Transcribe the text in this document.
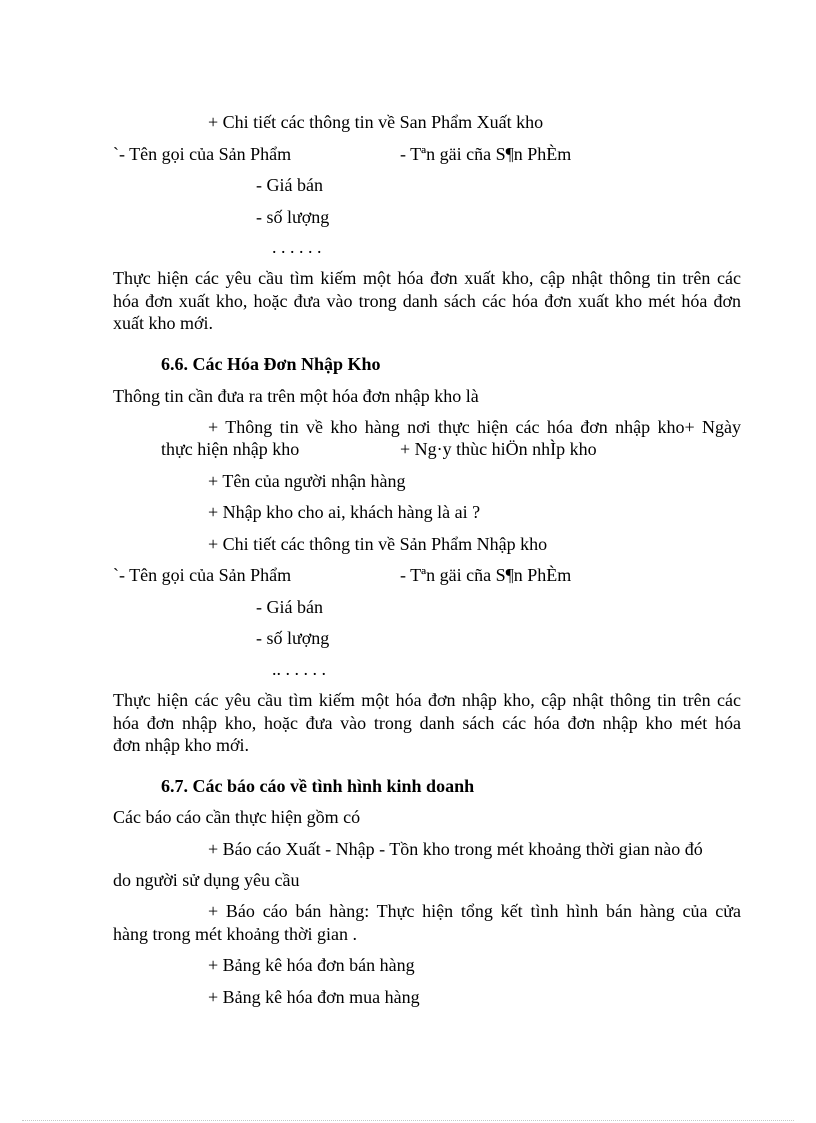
+ Chi tiết các thông tin về San Phẩm Xuất kho
`- Tên gọi của Sản Phẩm	- Tªn gäi cña S¶n PhÈm
- Giá bán
- số lượng
. . . . . .
Thực hiện các yêu cầu tìm kiếm một hóa đơn xuất kho, cập nhật thông tin trên các
hóa đơn xuất kho, hoặc đưa vào trong danh sách các hóa đơn xuất kho mét hóa đơn
xuất kho mới.
6.6. Các Hóa Đơn Nhập Kho
Thông tin cần đưa ra trên một hóa đơn nhập kho là
+ Thông tin về kho hàng nơi thực hiện các hóa đơn nhập kho+ Ngày
thực hiện nhập kho	+ Ng·y thùc hiÖn nhÌp kho
+ Tên của người nhận hàng
+ Nhập kho cho ai, khách hàng là ai ?
+ Chi tiết các thông tin về Sản Phẩm Nhập kho
`- Tên gọi của Sản Phẩm	- Tªn gäi cña S¶n PhÈm
- Giá bán
- số lượng
.. . . . . .
Thực hiện các yêu cầu tìm kiếm một hóa đơn nhập kho, cập nhật thông tin trên các
hóa đơn nhập kho, hoặc đưa vào trong danh sách các hóa đơn nhập kho mét hóa
đơn nhập kho mới.
6.7. Các báo cáo về tình hình kinh doanh
Các báo cáo cần thực hiện gồm có
+ Báo cáo Xuất - Nhập - Tồn kho trong mét khoảng thời gian nào đó
do người sử dụng yêu cầu
+ Báo cáo bán hàng: Thực hiện tổng kết tình hình bán hàng của cửa
hàng trong mét khoảng thời gian .
+ Bảng kê hóa đơn bán hàng
+ Bảng kê hóa đơn mua hàng
